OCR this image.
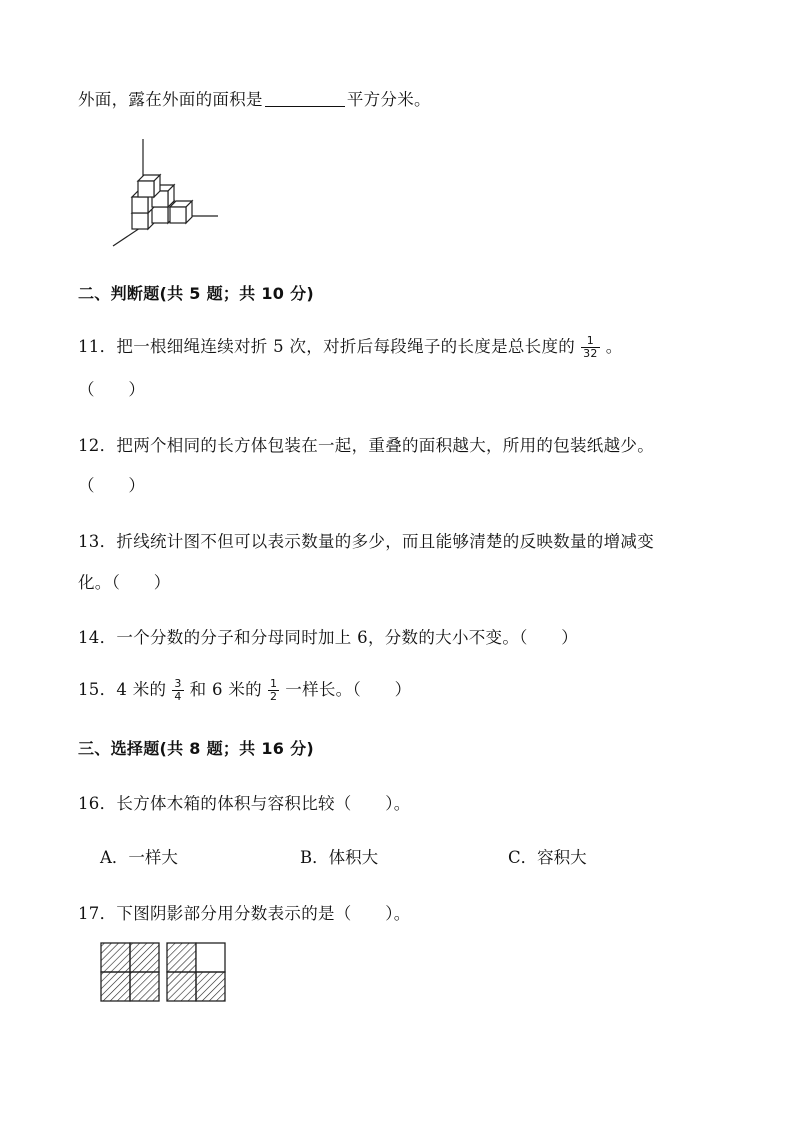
外面，露在外面的面积是	平方分米。
二、判断题(共 5 题；共 10 分)
11．把一根细绳连续对折 5 次，对折后每段绳子的长度是总长度的 $\frac{1}{32}$ 。
（　　）
12．把两个相同的长方体包装在一起，重叠的面积越大，所用的包装纸越少。
（　　）
13．折线统计图不但可以表示数量的多少，而且能够清楚的反映数量的增减变
化。（　　）
14．一个分数的分子和分母同时加上 6，分数的大小不变。（　　）
15．4 米的 $\frac{3}{4}$ 和 6 米的 $\frac{1}{2}$ 一样长。（　　）
三、选择题(共 8 题；共 16 分)
16．长方体木箱的体积与容积比较（　　）。
A．一样大	B．体积大	C．容积大
17．下图阴影部分用分数表示的是（　　）。
